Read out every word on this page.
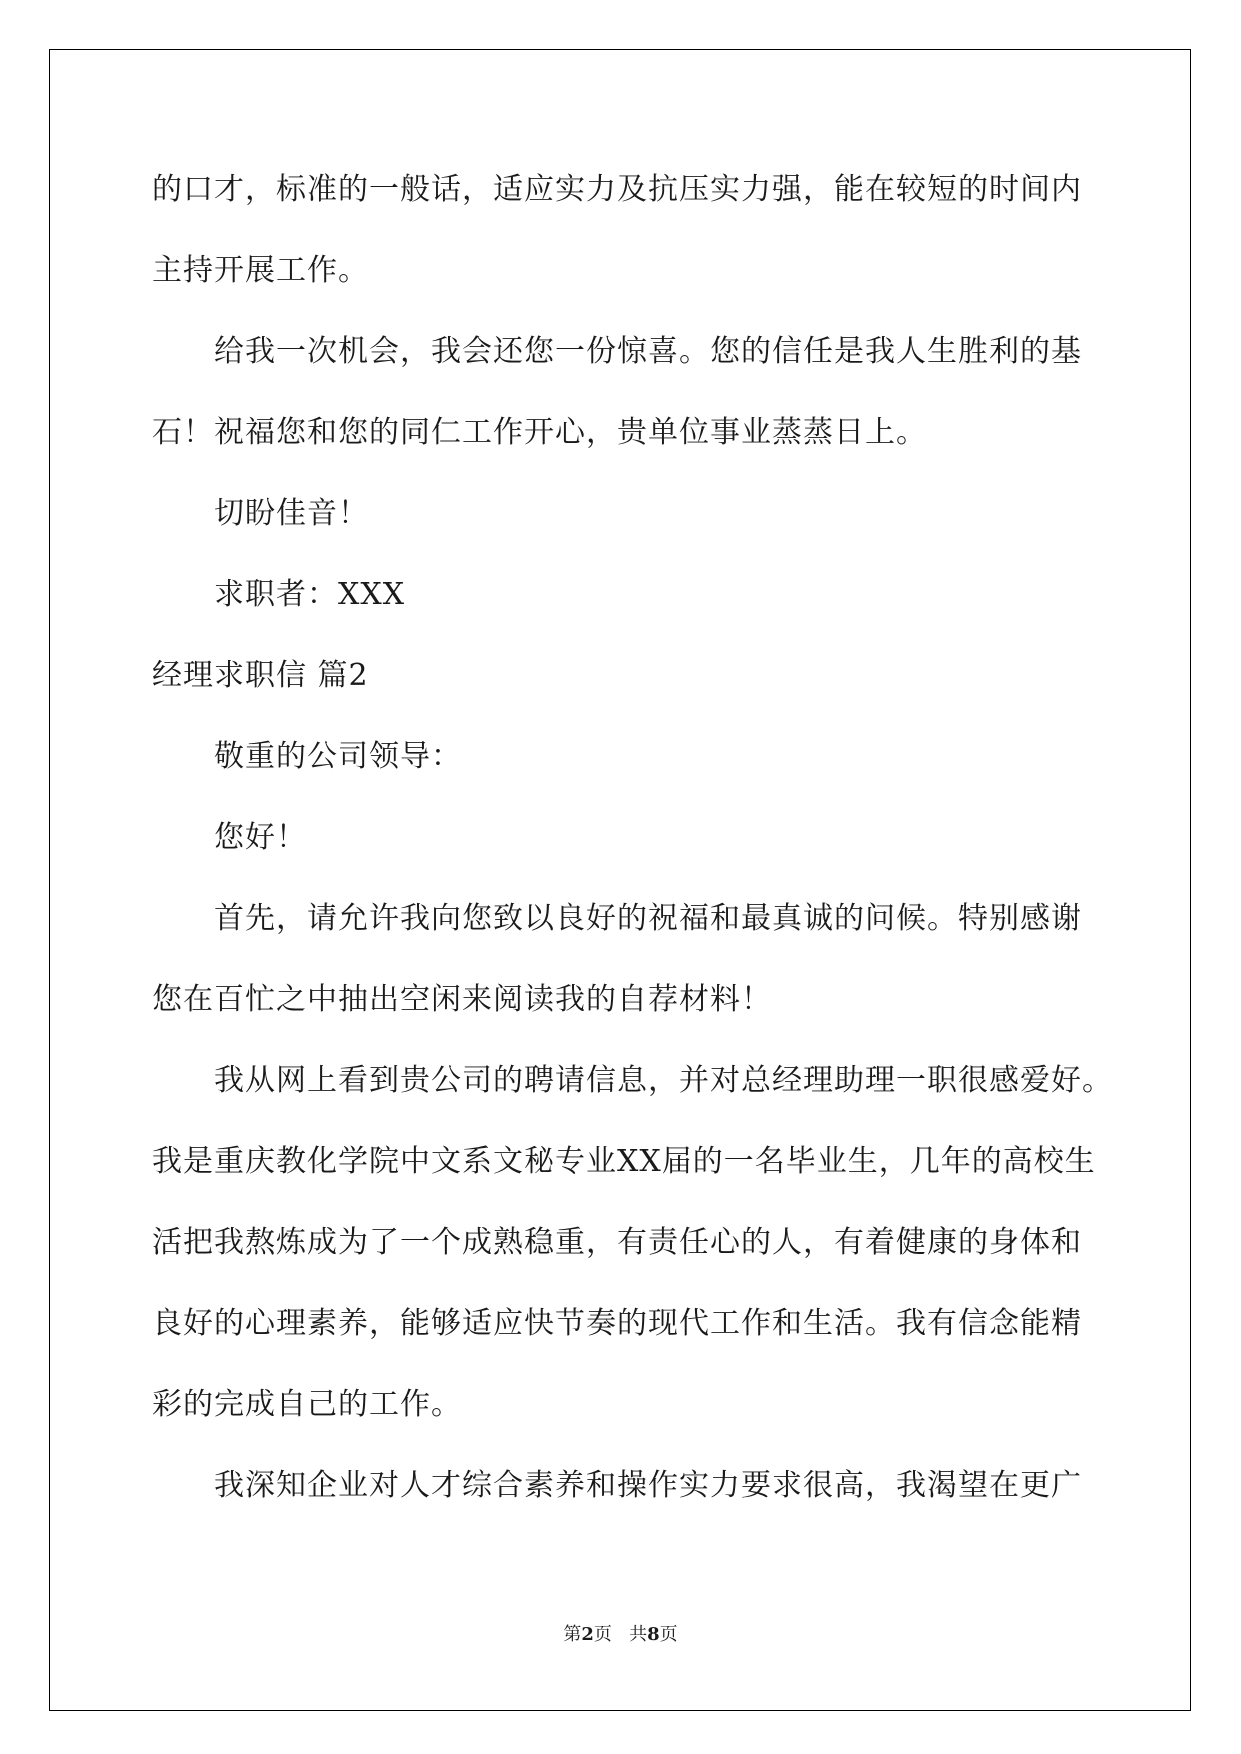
的口才，标准的一般话，适应实力及抗压实力强，能在较短的时间内
主持开展工作。
给我一次机会，我会还您一份惊喜。您的信任是我人生胜利的基
石！祝福您和您的同仁工作开心，贵单位事业蒸蒸日上。
切盼佳音！
求职者：XXX
经理求职信 篇2
敬重的公司领导：
您好！
首先，请允许我向您致以良好的祝福和最真诚的问候。特别感谢
您在百忙之中抽出空闲来阅读我的自荐材料！
我从网上看到贵公司的聘请信息，并对总经理助理一职很感爱好。
我是重庆教化学院中文系文秘专业XX届的一名毕业生，几年的高校生
活把我熬炼成为了一个成熟稳重，有责任心的人，有着健康的身体和
良好的心理素养，能够适应快节奏的现代工作和生活。我有信念能精
彩的完成自己的工作。
我深知企业对人才综合素养和操作实力要求很高，我渴望在更广
第2页 共8页
